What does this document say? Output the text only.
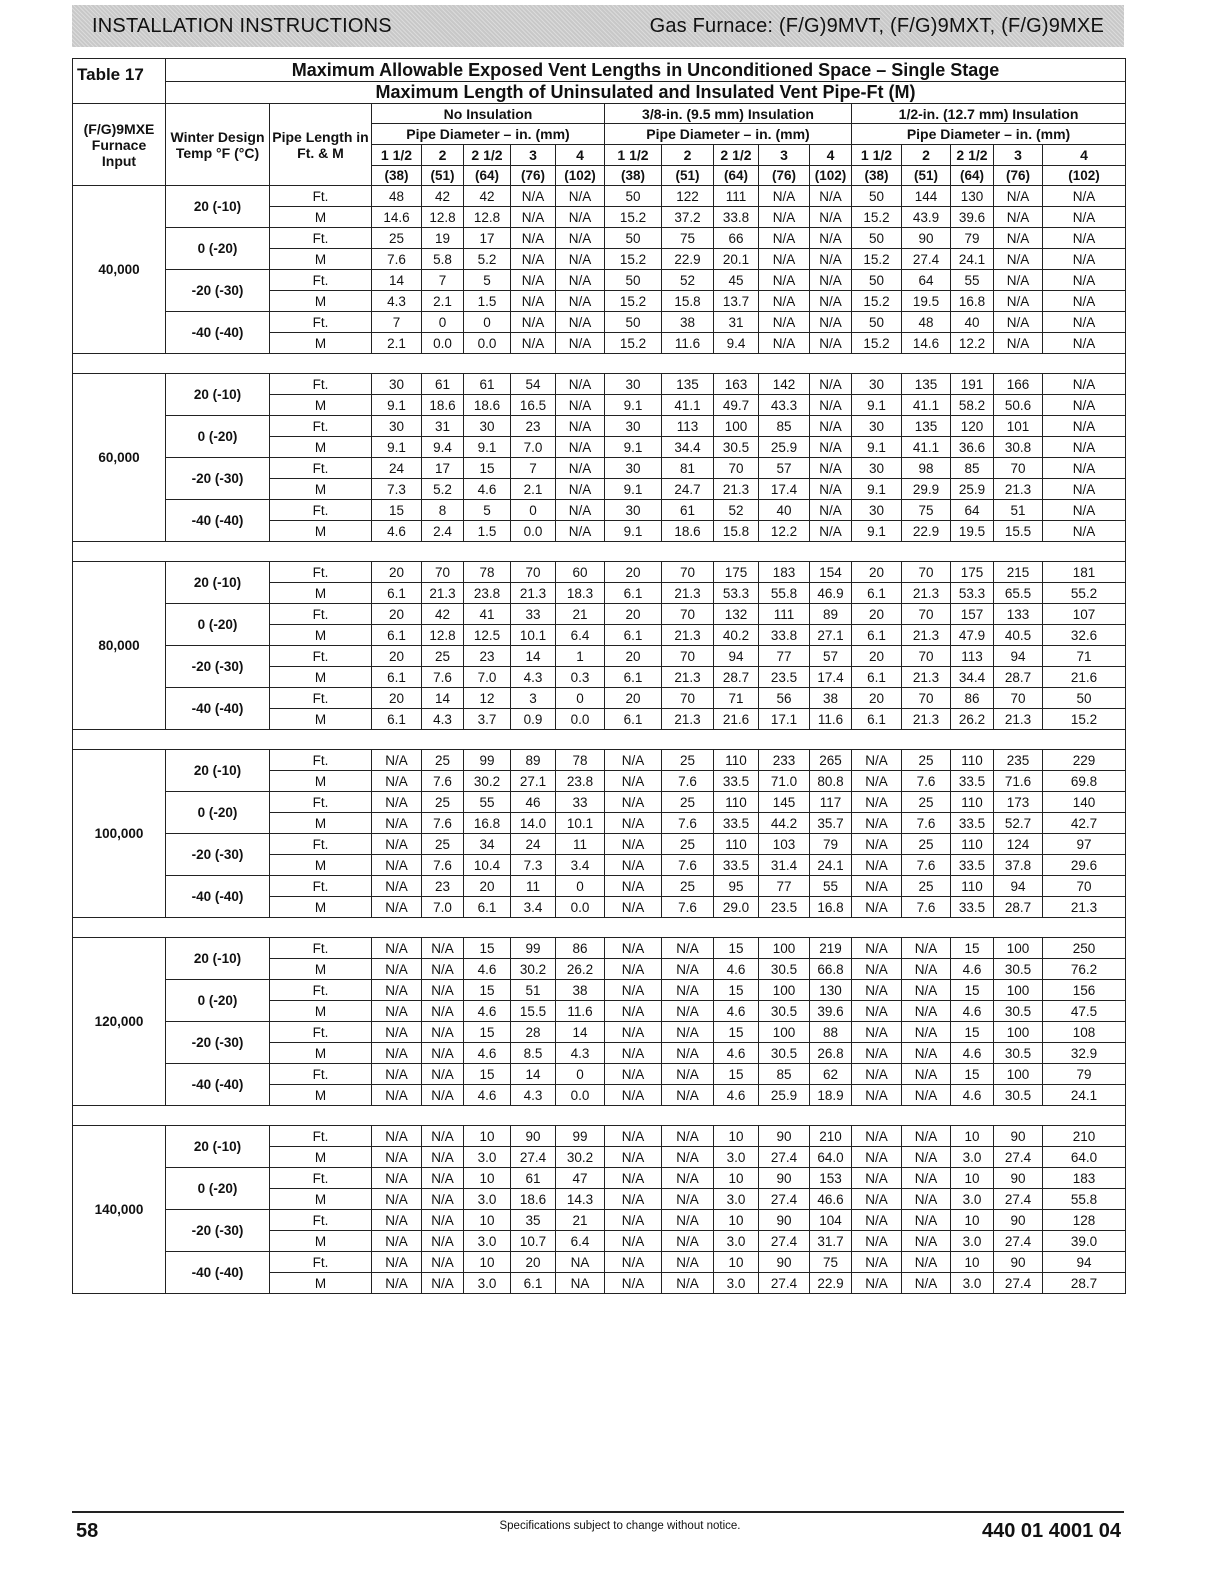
INSTALLATION INSTRUCTIONS	Gas Furnace: (F/G)9MVT, (F/G)9MXT, (F/G)9MXE
Table 17	Maximum Allowable Exposed Vent Lengths in Unconditioned Space – Single Stage																
	Maximum Length of Uninsulated and Insulated Vent Pipe-Ft (M)																
(F/G)9MXE Furnace Input	Winter Design Temp °F (°C)	Pipe Length in Ft. & M	No Insulation					3/8-in. (9.5 mm) Insulation					1/2-in. (12.7 mm) Insulation				
			Pipe Diameter – in. (mm)					Pipe Diameter – in. (mm)					Pipe Diameter – in. (mm)				
			1 1/2	2	2 1/2	3	4	1 1/2	2	2 1/2	3	4	1 1/2	2	2 1/2	3	4
			(38)	(51)	(64)	(76)	(102)	(38)	(51)	(64)	(76)	(102)	(38)	(51)	(64)	(76)	(102)
40,000	20 (-10)	Ft.	48	42	42	N/A	N/A	50	122	111	N/A	N/A	50	144	130	N/A	N/A
		M	14.6	12.8	12.8	N/A	N/A	15.2	37.2	33.8	N/A	N/A	15.2	43.9	39.6	N/A	N/A
	0 (-20)	Ft.	25	19	17	N/A	N/A	50	75	66	N/A	N/A	50	90	79	N/A	N/A
		M	7.6	5.8	5.2	N/A	N/A	15.2	22.9	20.1	N/A	N/A	15.2	27.4	24.1	N/A	N/A
	-20 (-30)	Ft.	14	7	5	N/A	N/A	50	52	45	N/A	N/A	50	64	55	N/A	N/A
		M	4.3	2.1	1.5	N/A	N/A	15.2	15.8	13.7	N/A	N/A	15.2	19.5	16.8	N/A	N/A
	-40 (-40)	Ft.	7	0	0	N/A	N/A	50	38	31	N/A	N/A	50	48	40	N/A	N/A
		M	2.1	0.0	0.0	N/A	N/A	15.2	11.6	9.4	N/A	N/A	15.2	14.6	12.2	N/A	N/A

60,000	20 (-10)	Ft.	30	61	61	54	N/A	30	135	163	142	N/A	30	135	191	166	N/A
		M	9.1	18.6	18.6	16.5	N/A	9.1	41.1	49.7	43.3	N/A	9.1	41.1	58.2	50.6	N/A
	0 (-20)	Ft.	30	31	30	23	N/A	30	113	100	85	N/A	30	135	120	101	N/A
		M	9.1	9.4	9.1	7.0	N/A	9.1	34.4	30.5	25.9	N/A	9.1	41.1	36.6	30.8	N/A
	-20 (-30)	Ft.	24	17	15	7	N/A	30	81	70	57	N/A	30	98	85	70	N/A
		M	7.3	5.2	4.6	2.1	N/A	9.1	24.7	21.3	17.4	N/A	9.1	29.9	25.9	21.3	N/A
	-40 (-40)	Ft.	15	8	5	0	N/A	30	61	52	40	N/A	30	75	64	51	N/A
		M	4.6	2.4	1.5	0.0	N/A	9.1	18.6	15.8	12.2	N/A	9.1	22.9	19.5	15.5	N/A

80,000	20 (-10)	Ft.	20	70	78	70	60	20	70	175	183	154	20	70	175	215	181
		M	6.1	21.3	23.8	21.3	18.3	6.1	21.3	53.3	55.8	46.9	6.1	21.3	53.3	65.5	55.2
	0 (-20)	Ft.	20	42	41	33	21	20	70	132	111	89	20	70	157	133	107
		M	6.1	12.8	12.5	10.1	6.4	6.1	21.3	40.2	33.8	27.1	6.1	21.3	47.9	40.5	32.6
	-20 (-30)	Ft.	20	25	23	14	1	20	70	94	77	57	20	70	113	94	71
		M	6.1	7.6	7.0	4.3	0.3	6.1	21.3	28.7	23.5	17.4	6.1	21.3	34.4	28.7	21.6
	-40 (-40)	Ft.	20	14	12	3	0	20	70	71	56	38	20	70	86	70	50
		M	6.1	4.3	3.7	0.9	0.0	6.1	21.3	21.6	17.1	11.6	6.1	21.3	26.2	21.3	15.2

100,000	20 (-10)	Ft.	N/A	25	99	89	78	N/A	25	110	233	265	N/A	25	110	235	229
		M	N/A	7.6	30.2	27.1	23.8	N/A	7.6	33.5	71.0	80.8	N/A	7.6	33.5	71.6	69.8
	0 (-20)	Ft.	N/A	25	55	46	33	N/A	25	110	145	117	N/A	25	110	173	140
		M	N/A	7.6	16.8	14.0	10.1	N/A	7.6	33.5	44.2	35.7	N/A	7.6	33.5	52.7	42.7
	-20 (-30)	Ft.	N/A	25	34	24	11	N/A	25	110	103	79	N/A	25	110	124	97
		M	N/A	7.6	10.4	7.3	3.4	N/A	7.6	33.5	31.4	24.1	N/A	7.6	33.5	37.8	29.6
	-40 (-40)	Ft.	N/A	23	20	11	0	N/A	25	95	77	55	N/A	25	110	94	70
		M	N/A	7.0	6.1	3.4	0.0	N/A	7.6	29.0	23.5	16.8	N/A	7.6	33.5	28.7	21.3

120,000	20 (-10)	Ft.	N/A	N/A	15	99	86	N/A	N/A	15	100	219	N/A	N/A	15	100	250
		M	N/A	N/A	4.6	30.2	26.2	N/A	N/A	4.6	30.5	66.8	N/A	N/A	4.6	30.5	76.2
	0 (-20)	Ft.	N/A	N/A	15	51	38	N/A	N/A	15	100	130	N/A	N/A	15	100	156
		M	N/A	N/A	4.6	15.5	11.6	N/A	N/A	4.6	30.5	39.6	N/A	N/A	4.6	30.5	47.5
	-20 (-30)	Ft.	N/A	N/A	15	28	14	N/A	N/A	15	100	88	N/A	N/A	15	100	108
		M	N/A	N/A	4.6	8.5	4.3	N/A	N/A	4.6	30.5	26.8	N/A	N/A	4.6	30.5	32.9
	-40 (-40)	Ft.	N/A	N/A	15	14	0	N/A	N/A	15	85	62	N/A	N/A	15	100	79
		M	N/A	N/A	4.6	4.3	0.0	N/A	N/A	4.6	25.9	18.9	N/A	N/A	4.6	30.5	24.1

140,000	20 (-10)	Ft.	N/A	N/A	10	90	99	N/A	N/A	10	90	210	N/A	N/A	10	90	210
		M	N/A	N/A	3.0	27.4	30.2	N/A	N/A	3.0	27.4	64.0	N/A	N/A	3.0	27.4	64.0
	0 (-20)	Ft.	N/A	N/A	10	61	47	N/A	N/A	10	90	153	N/A	N/A	10	90	183
		M	N/A	N/A	3.0	18.6	14.3	N/A	N/A	3.0	27.4	46.6	N/A	N/A	3.0	27.4	55.8
	-20 (-30)	Ft.	N/A	N/A	10	35	21	N/A	N/A	10	90	104	N/A	N/A	10	90	128
		M	N/A	N/A	3.0	10.7	6.4	N/A	N/A	3.0	27.4	31.7	N/A	N/A	3.0	27.4	39.0
	-40 (-40)	Ft.	N/A	N/A	10	20	NA	N/A	N/A	10	90	75	N/A	N/A	10	90	94
		M	N/A	N/A	3.0	6.1	NA	N/A	N/A	3.0	27.4	22.9	N/A	N/A	3.0	27.4	28.7
58	Specifications subject to change without notice.	440 01 4001 04
